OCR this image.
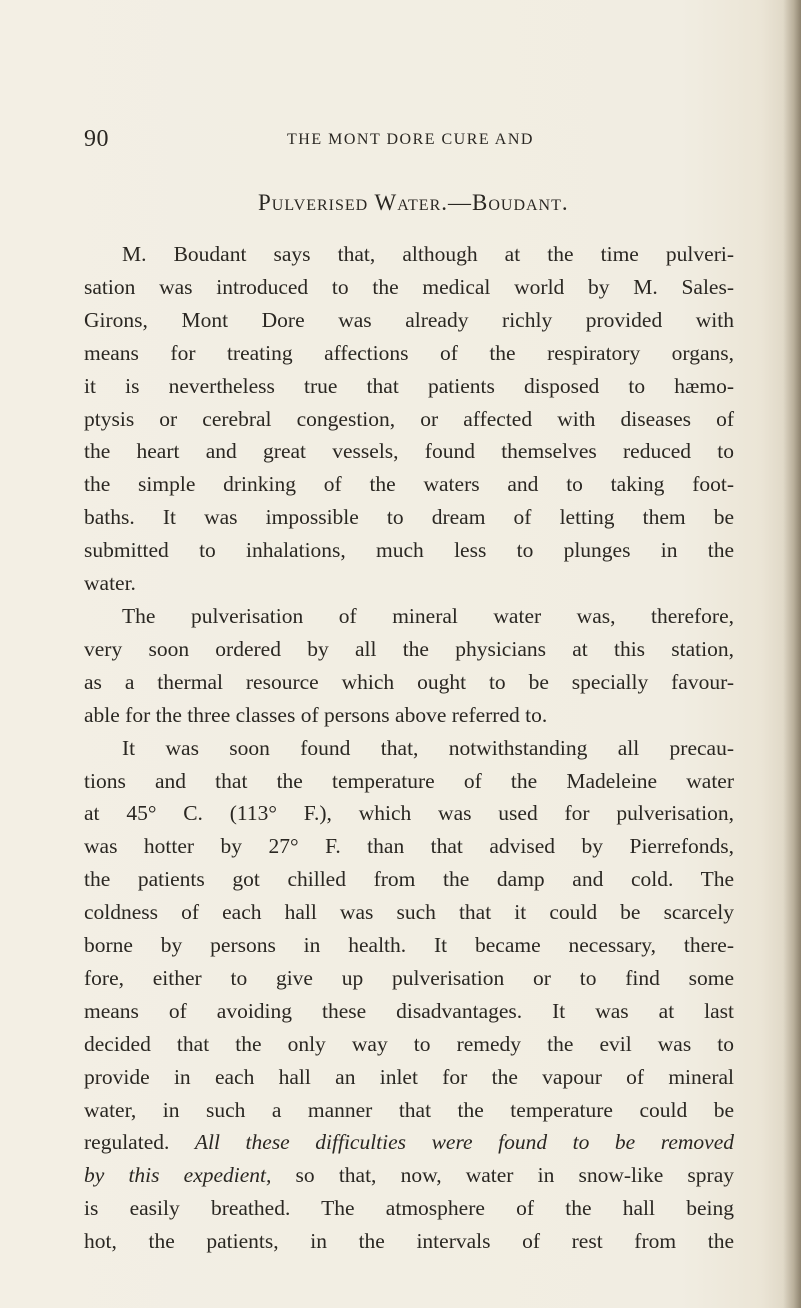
90	THE MONT DORE CURE AND
Pulverised Water.—Boudant.

M. Boudant says that, although at the time pulveri-
sation was introduced to the medical world by M. Sales-
Girons, Mont Dore was already richly provided with
means for treating affections of the respiratory organs,
it is nevertheless true that patients disposed to hæmo-
ptysis or cerebral congestion, or affected with diseases of
the heart and great vessels, found themselves reduced to
the simple drinking of the waters and to taking foot-
baths. It was impossible to dream of letting them be
submitted to inhalations, much less to plunges in the
water.

The pulverisation of mineral water was, therefore,
very soon ordered by all the physicians at this station,
as a thermal resource which ought to be specially favour-
able for the three classes of persons above referred to.

It was soon found that, notwithstanding all precau-
tions and that the temperature of the Madeleine water
at 45° C. (113° F.), which was used for pulverisation,
was hotter by 27° F. than that advised by Pierrefonds,
the patients got chilled from the damp and cold. The
coldness of each hall was such that it could be scarcely
borne by persons in health. It became necessary, there-
fore, either to give up pulverisation or to find some
means of avoiding these disadvantages. It was at last
decided that the only way to remedy the evil was to
provide in each hall an inlet for the vapour of mineral
water, in such a manner that the temperature could be
regulated. All these difficulties were found to be removed
by this expedient, so that, now, water in snow-like spray
is easily breathed. The atmosphere of the hall being
hot, the patients, in the intervals of rest from the
